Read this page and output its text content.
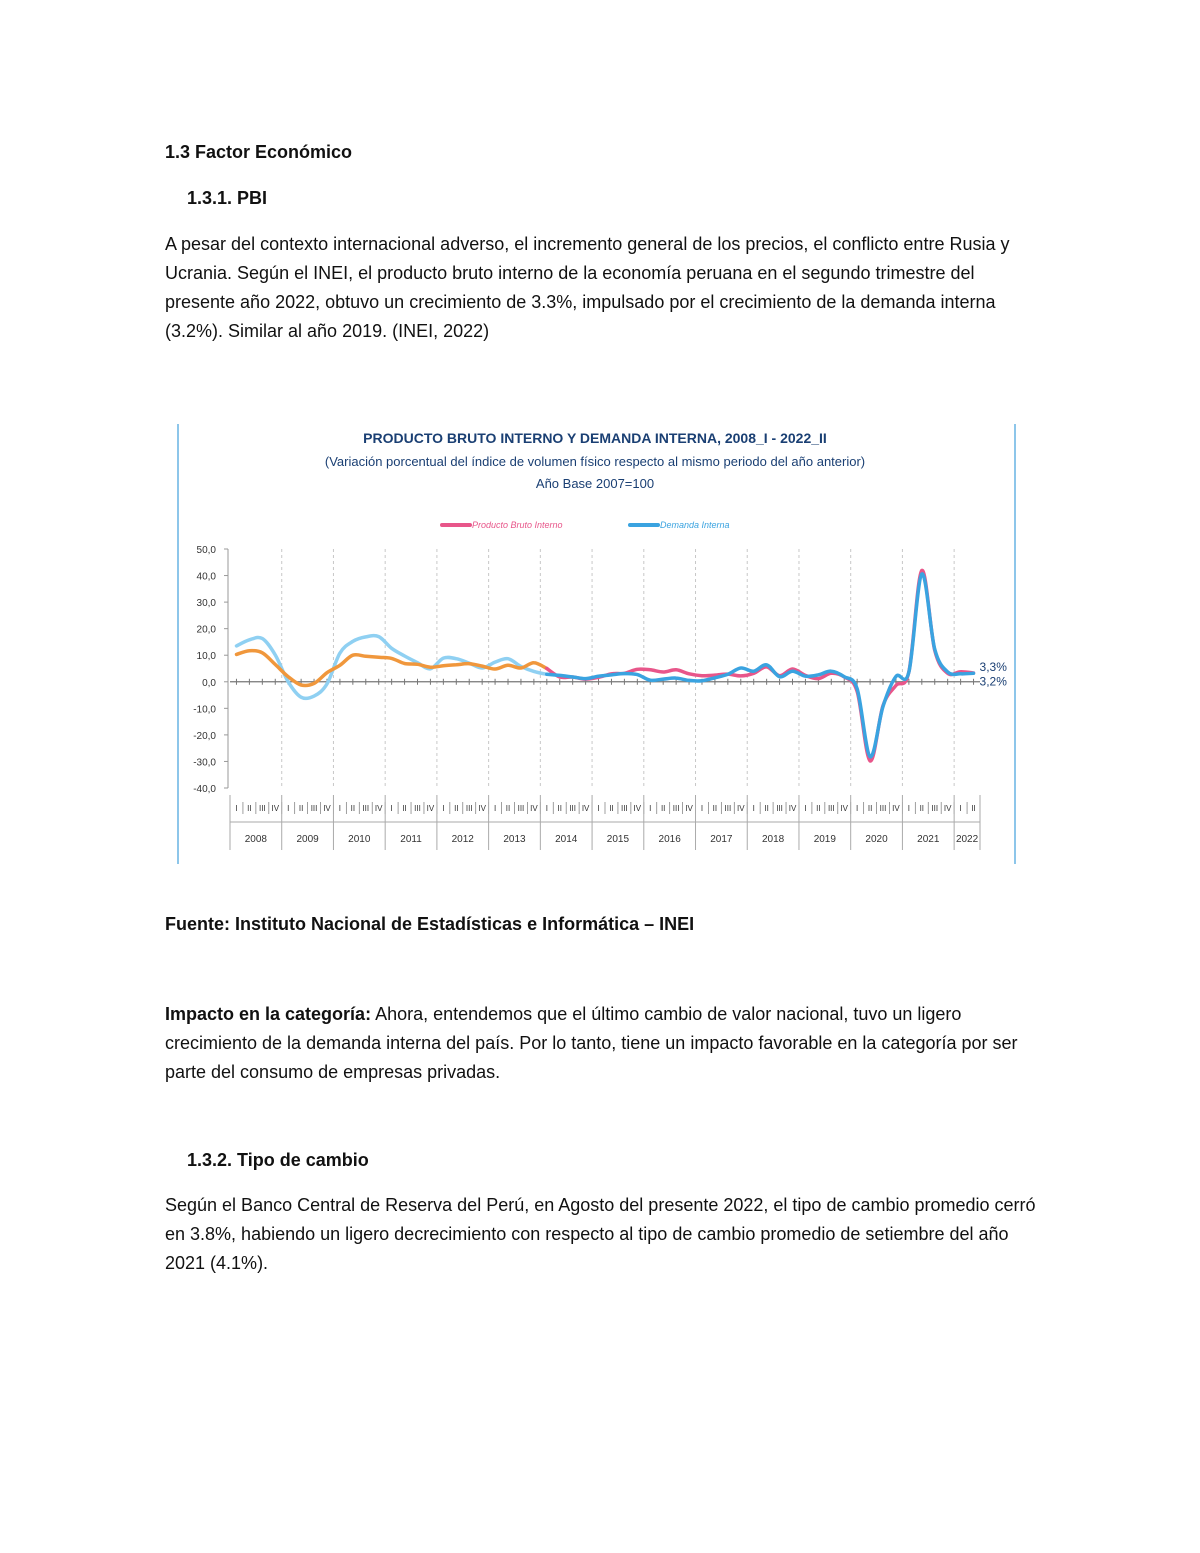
1.3 Factor Económico
1.3.1. PBI

A pesar del contexto internacional adverso, el incremento general de los precios, el conflicto entre Rusia y Ucrania. Según el INEI, el producto bruto interno de la economía peruana en el segundo trimestre del presente año 2022, obtuvo un crecimiento de 3.3%, impulsado por el crecimiento de la demanda interna (3.2%). Similar al año 2019. (INEI, 2022)

PRODUCTO BRUTO INTERNO Y DEMANDA INTERNA, 2008_I - 2022_II
(Variación porcentual del índice de volumen físico respecto al mismo periodo del año anterior)
Año Base 2007=100
Producto Bruto Interno	Demanda Interna
50,0
40,0
30,0
20,0
10,0
0,0
-10,0
-20,0
-30,0
-40,0
I II III IV I II III IV I II III IV I II III IV I II III IV I II III IV I II III IV I II III IV I II III IV I II III IV I II III IV I II III IV I II III IV I II III IV I II
2008	2009	2010	2011	2012	2013	2014	2015	2016	2017	2018	2019	2020	2021 2022
3,3%
3,2%
Fuente: Instituto Nacional de Estadísticas e Informática – INEI

Impacto en la categoría: Ahora, entendemos que el último cambio de valor nacional, tuvo un ligero crecimiento de la demanda interna del país. Por lo tanto, tiene un impacto favorable en la categoría por ser parte del consumo de empresas privadas.

1.3.2. Tipo de cambio

Según el Banco Central de Reserva del Perú, en Agosto del presente 2022, el tipo de cambio promedio cerró en 3.8%, habiendo un ligero decrecimiento con respecto al tipo de cambio promedio de setiembre del año 2021 (4.1%).
